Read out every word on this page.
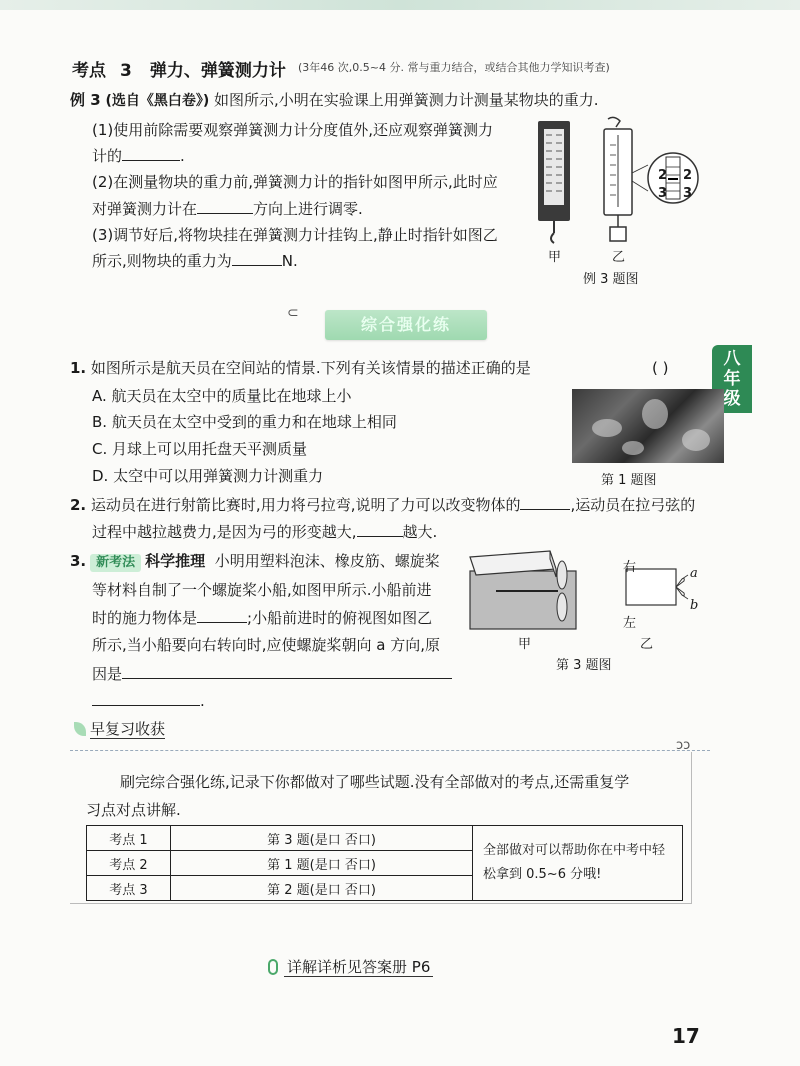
考点 3 弹力、弹簧测力计 (3年46 次,0.5~4 分. 常与重力结合，或结合其他力学知识考查)
例 3 (选自《黑白卷》) 如图所示,小明在实验课上用弹簧测力计测量某物块的重力.
(1)使用前除需要观察弹簧测力计分度值外,还应观察弹簧测力
计的	.
(2)在测量物块的重力前,弹簧测力计的指针如图甲所示,此时应
对弹簧测力计在	方向上进行调零.
(3)调节好后,将物块挂在弹簧测力计挂钩上,静止时指针如图乙
所示,则物块的重力为	N.
2 2
3 3
甲	乙
例 3 题图
⊂
综合强化练
八
年
级
1. 如图所示是航天员在空间站的情景.下列有关该情景的描述正确的是	( )
A. 航天员在太空中的质量比在地球上小
B. 航天员在太空中受到的重力和在地球上相同
C. 月球上可以用托盘天平测质量
D. 太空中可以用弹簧测力计测重力	第 1 题图
2. 运动员在进行射箭比赛时,用力将弓拉弯,说明了力可以改变物体的	,运动员在拉弓弦的
过程中越拉越费力,是因为弓的形变越大,	越大.
3. 新考法 科学推理 小明用塑料泡沫、橡皮筋、螺旋桨
等材料自制了一个螺旋桨小船,如图甲所示.小船前进
时的施力物体是	;小船前进时的俯视图如图乙
所示,当小船要向右转向时,应使螺旋桨朝向 a 方向,原
因是
.
右
左
a
b
甲	乙
第 3 题图
早复习收获
ↄↄ
刷完综合强化练,记录下你都做对了哪些试题.没有全部做对的考点,还需重复学
习点对点讲解.
考点 1	第 3 题(是口 否口)	全部做对可以帮助你在中考中轻松拿到 0.5~6 分哦!
考点 2	第 1 题(是口 否口)	
考点 3	第 2 题(是口 否口)	
详解详析见答案册 P6
17
